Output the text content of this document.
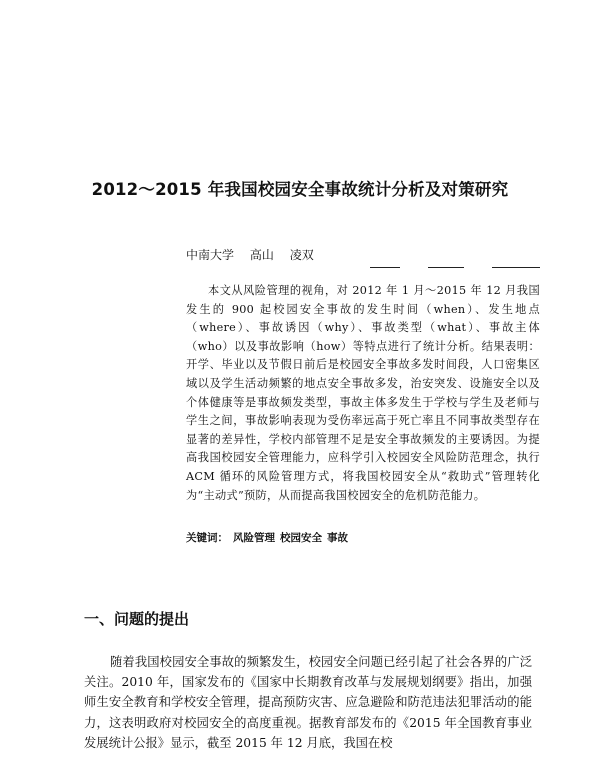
2012～2015 年我国校园安全事故统计分析及对策研究
中南大学 高山 凌双
本文从风险管理的视角，对 2012 年 1 月～2015 年 12 月我国发生的 900 起校园安全事故的发生时间（when）、发生地点（where）、事故诱因（why）、事故类型（what）、事故主体（who）以及事故影响（how）等特点进行了统计分析。结果表明：开学、毕业以及节假日前后是校园安全事故多发时间段，人口密集区域以及学生活动频繁的地点安全事故多发，治安突发、设施安全以及个体健康等是事故频发类型，事故主体多发生于学校与学生及老师与学生之间，事故影响表现为受伤率远高于死亡率且不同事故类型存在显著的差异性，学校内部管理不足是安全事故频发的主要诱因。为提高我国校园安全管理能力，应科学引入校园安全风险防范理念，执行 ACM 循环的风险管理方式，将我国校园安全从“救助式”管理转化为“主动式”预防，从而提高我国校园安全的危机防范能力。
关键词： 风险管理 校园安全 事故
一、问题的提出
随着我国校园安全事故的频繁发生，校园安全问题已经引起了社会各界的广泛关注。2010 年，国家发布的《国家中长期教育改革与发展规划纲要》指出，加强师生安全教育和学校安全管理，提高预防灾害、应急避险和防范违法犯罪活动的能力，这表明政府对校园安全的高度重视。据教育部发布的《2015 年全国教育事业发展统计公报》显示，截至 2015 年 12 月底，我国在校
